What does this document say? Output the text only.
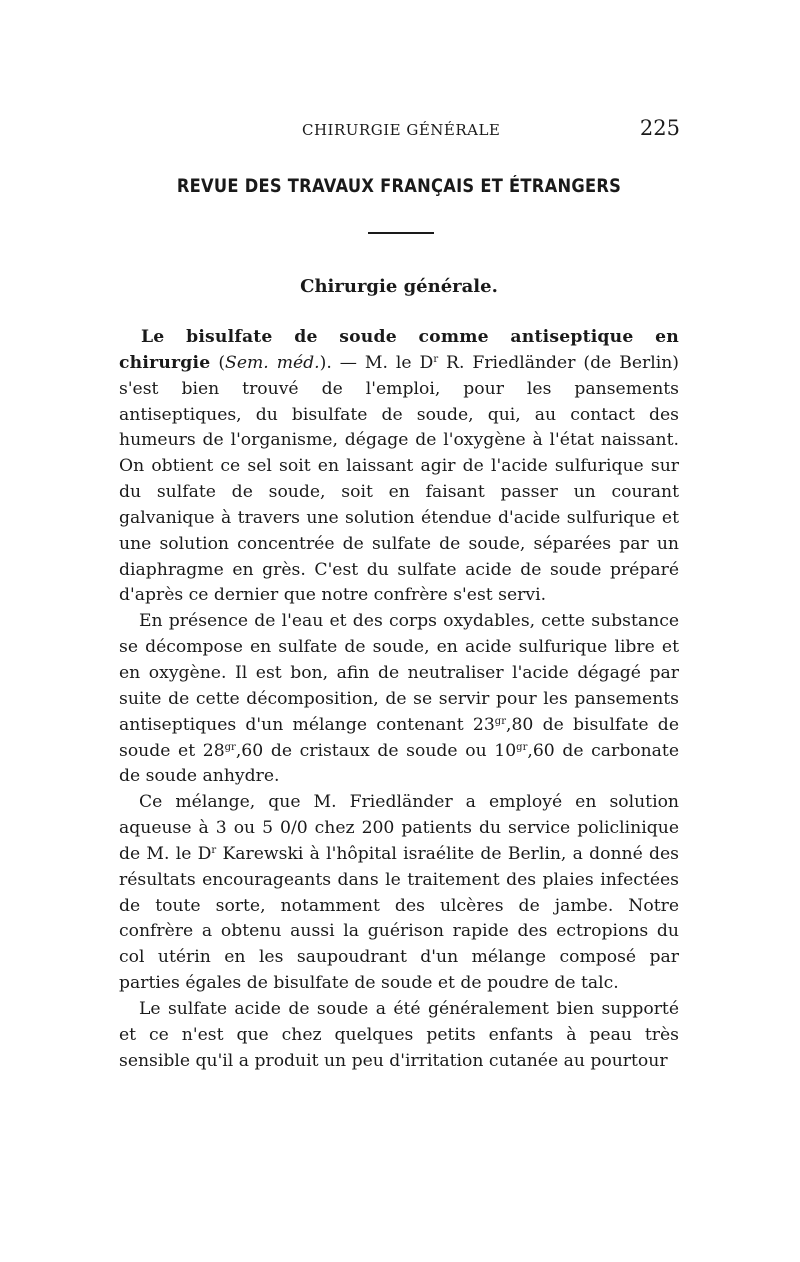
CHIRURGIE GÉNÉRALE	225
REVUE DES TRAVAUX FRANÇAIS ET ÉTRANGERS
Chirurgie générale.

Le bisulfate de soude comme antiseptique en chirurgie (Sem. méd.). — M. le $D^r$ R. Friedländer (de Berlin) s'est bien trouvé de l'emploi, pour les pansements antiseptiques, du bisulfate de soude, qui, au contact des humeurs de l'organisme, dégage de l'oxygène à l'état naissant. On obtient ce sel soit en laissant agir de l'acide sulfurique sur du sulfate de soude, soit en faisant passer un courant galvanique à travers une solution étendue d'acide sulfurique et une solution concentrée de sulfate de soude, séparées par un diaphragme en grès. C'est du sulfate acide de soude préparé d'après ce dernier que notre confrère s'est servi.

En présence de l'eau et des corps oxydables, cette substance se décompose en sulfate de soude, en acide sulfurique libre et en oxygène. Il est bon, afin de neutraliser l'acide dégagé par suite de cette décomposition, de se servir pour les pansements antiseptiques d'un mélange contenant $23^{gr},80$ de bisulfate de soude et $28^{gr},60$ de cristaux de soude ou $10^{gr},60$ de carbonate de soude anhydre.

Ce mélange, que M. Friedländer a employé en solution aqueuse à 3 ou 5 0/0 chez 200 patients du service policlinique de M. le $D^r$ Karewski à l'hôpital israélite de Berlin, a donné des résultats encourageants dans le traitement des plaies infectées de toute sorte, notamment des ulcères de jambe. Notre confrère a obtenu aussi la guérison rapide des ectropions du col utérin en les saupoudrant d'un mélange composé par parties égales de bisulfate de soude et de poudre de talc.

Le sulfate acide de soude a été généralement bien supporté et ce n'est que chez quelques petits enfants à peau très sensible qu'il a produit un peu d'irritation cutanée au pourtour
